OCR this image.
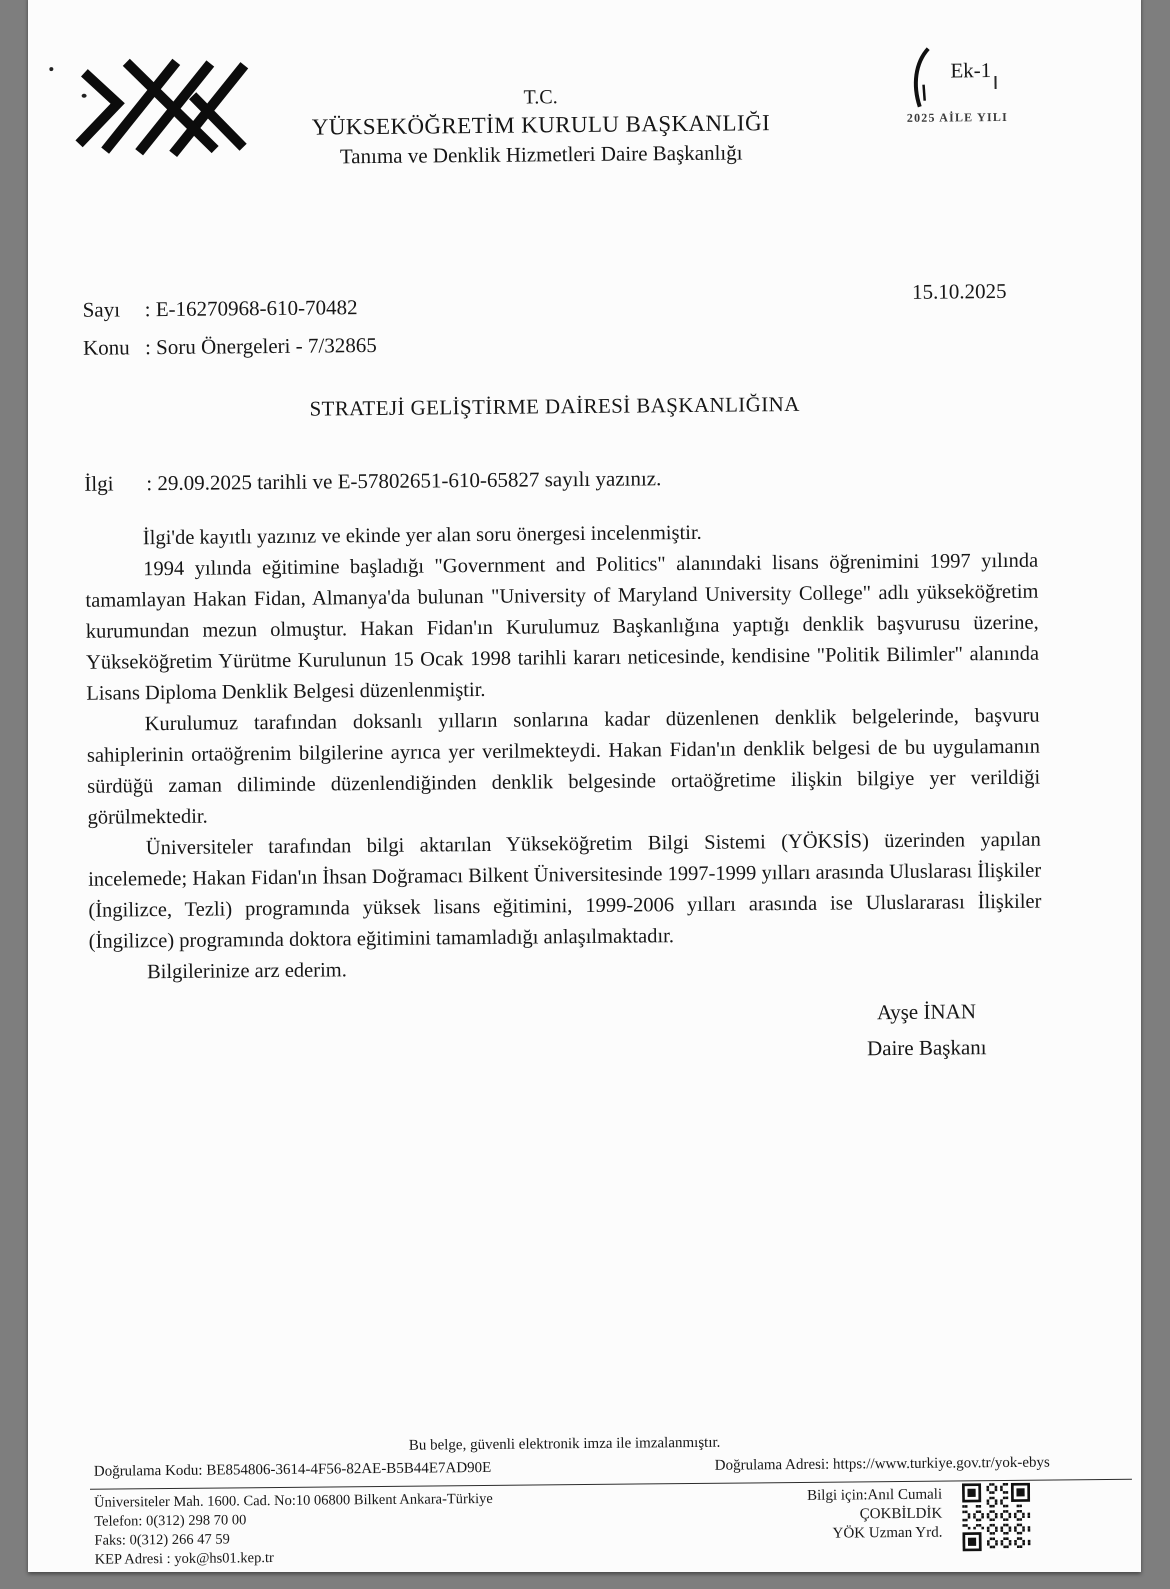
T.C.
YÜKSEKÖĞRETİM KURULU BAŞKANLIĞI
Tanıma ve Denklik Hizmetleri Daire Başkanlığı
Ek-1
2025 AİLE YILI
15.10.2025
Sayı : E-16270968-610-70482
Konu : Soru Önergeleri - 7/32865
STRATEJİ GELİŞTİRME DAİRESİ BAŞKANLIĞINA
İlgi : 29.09.2025 tarihli ve E-57802651-610-65827 sayılı yazınız.

İlgi'de kayıtlı yazınız ve ekinde yer alan soru önergesi incelenmiştir.

1994 yılında eğitimine başladığı "Government and Politics" alanındaki lisans öğrenimini 1997 yılında tamamlayan Hakan Fidan, Almanya'da bulunan "University of Maryland University College" adlı yükseköğretim kurumundan mezun olmuştur. Hakan Fidan'ın Kurulumuz Başkanlığına yaptığı denklik başvurusu üzerine, Yükseköğretim Yürütme Kurulunun 15 Ocak 1998 tarihli kararı neticesinde, kendisine "Politik Bilimler" alanında Lisans Diploma Denklik Belgesi düzenlenmiştir.

Kurulumuz tarafından doksanlı yılların sonlarına kadar düzenlenen denklik belgelerinde, başvuru sahiplerinin ortaöğrenim bilgilerine ayrıca yer verilmekteydi. Hakan Fidan'ın denklik belgesi de bu uygulamanın sürdüğü zaman diliminde düzenlendiğinden denklik belgesinde ortaöğretime ilişkin bilgiye yer verildiği görülmektedir.

Üniversiteler tarafından bilgi aktarılan Yükseköğretim Bilgi Sistemi (YÖKSİS) üzerinden yapılan incelemede; Hakan Fidan'ın İhsan Doğramacı Bilkent Üniversitesinde 1997-1999 yılları arasında Uluslarası İlişkiler (İngilizce, Tezli) programında yüksek lisans eğitimini, 1999-2006 yılları arasında ise Uluslararası İlişkiler (İngilizce) programında doktora eğitimini tamamladığı anlaşılmaktadır.

Bilgilerinize arz ederim.

Ayşe İNAN
Daire Başkanı
Bu belge, güvenli elektronik imza ile imzalanmıştır.
Doğrulama Kodu: BE854806-3614-4F56-82AE-B5B44E7AD90E	Doğrulama Adresi: https://www.turkiye.gov.tr/yok-ebys
Üniversiteler Mah. 1600. Cad. No:10 06800 Bilkent Ankara-Türkiye
Telefon: 0(312) 298 70 00
Faks: 0(312) 266 47 59
KEP Adresi : yok@hs01.kep.tr
Bilgi için:Anıl Cumali
ÇOKBİLDİK
YÖK Uzman Yrd.
